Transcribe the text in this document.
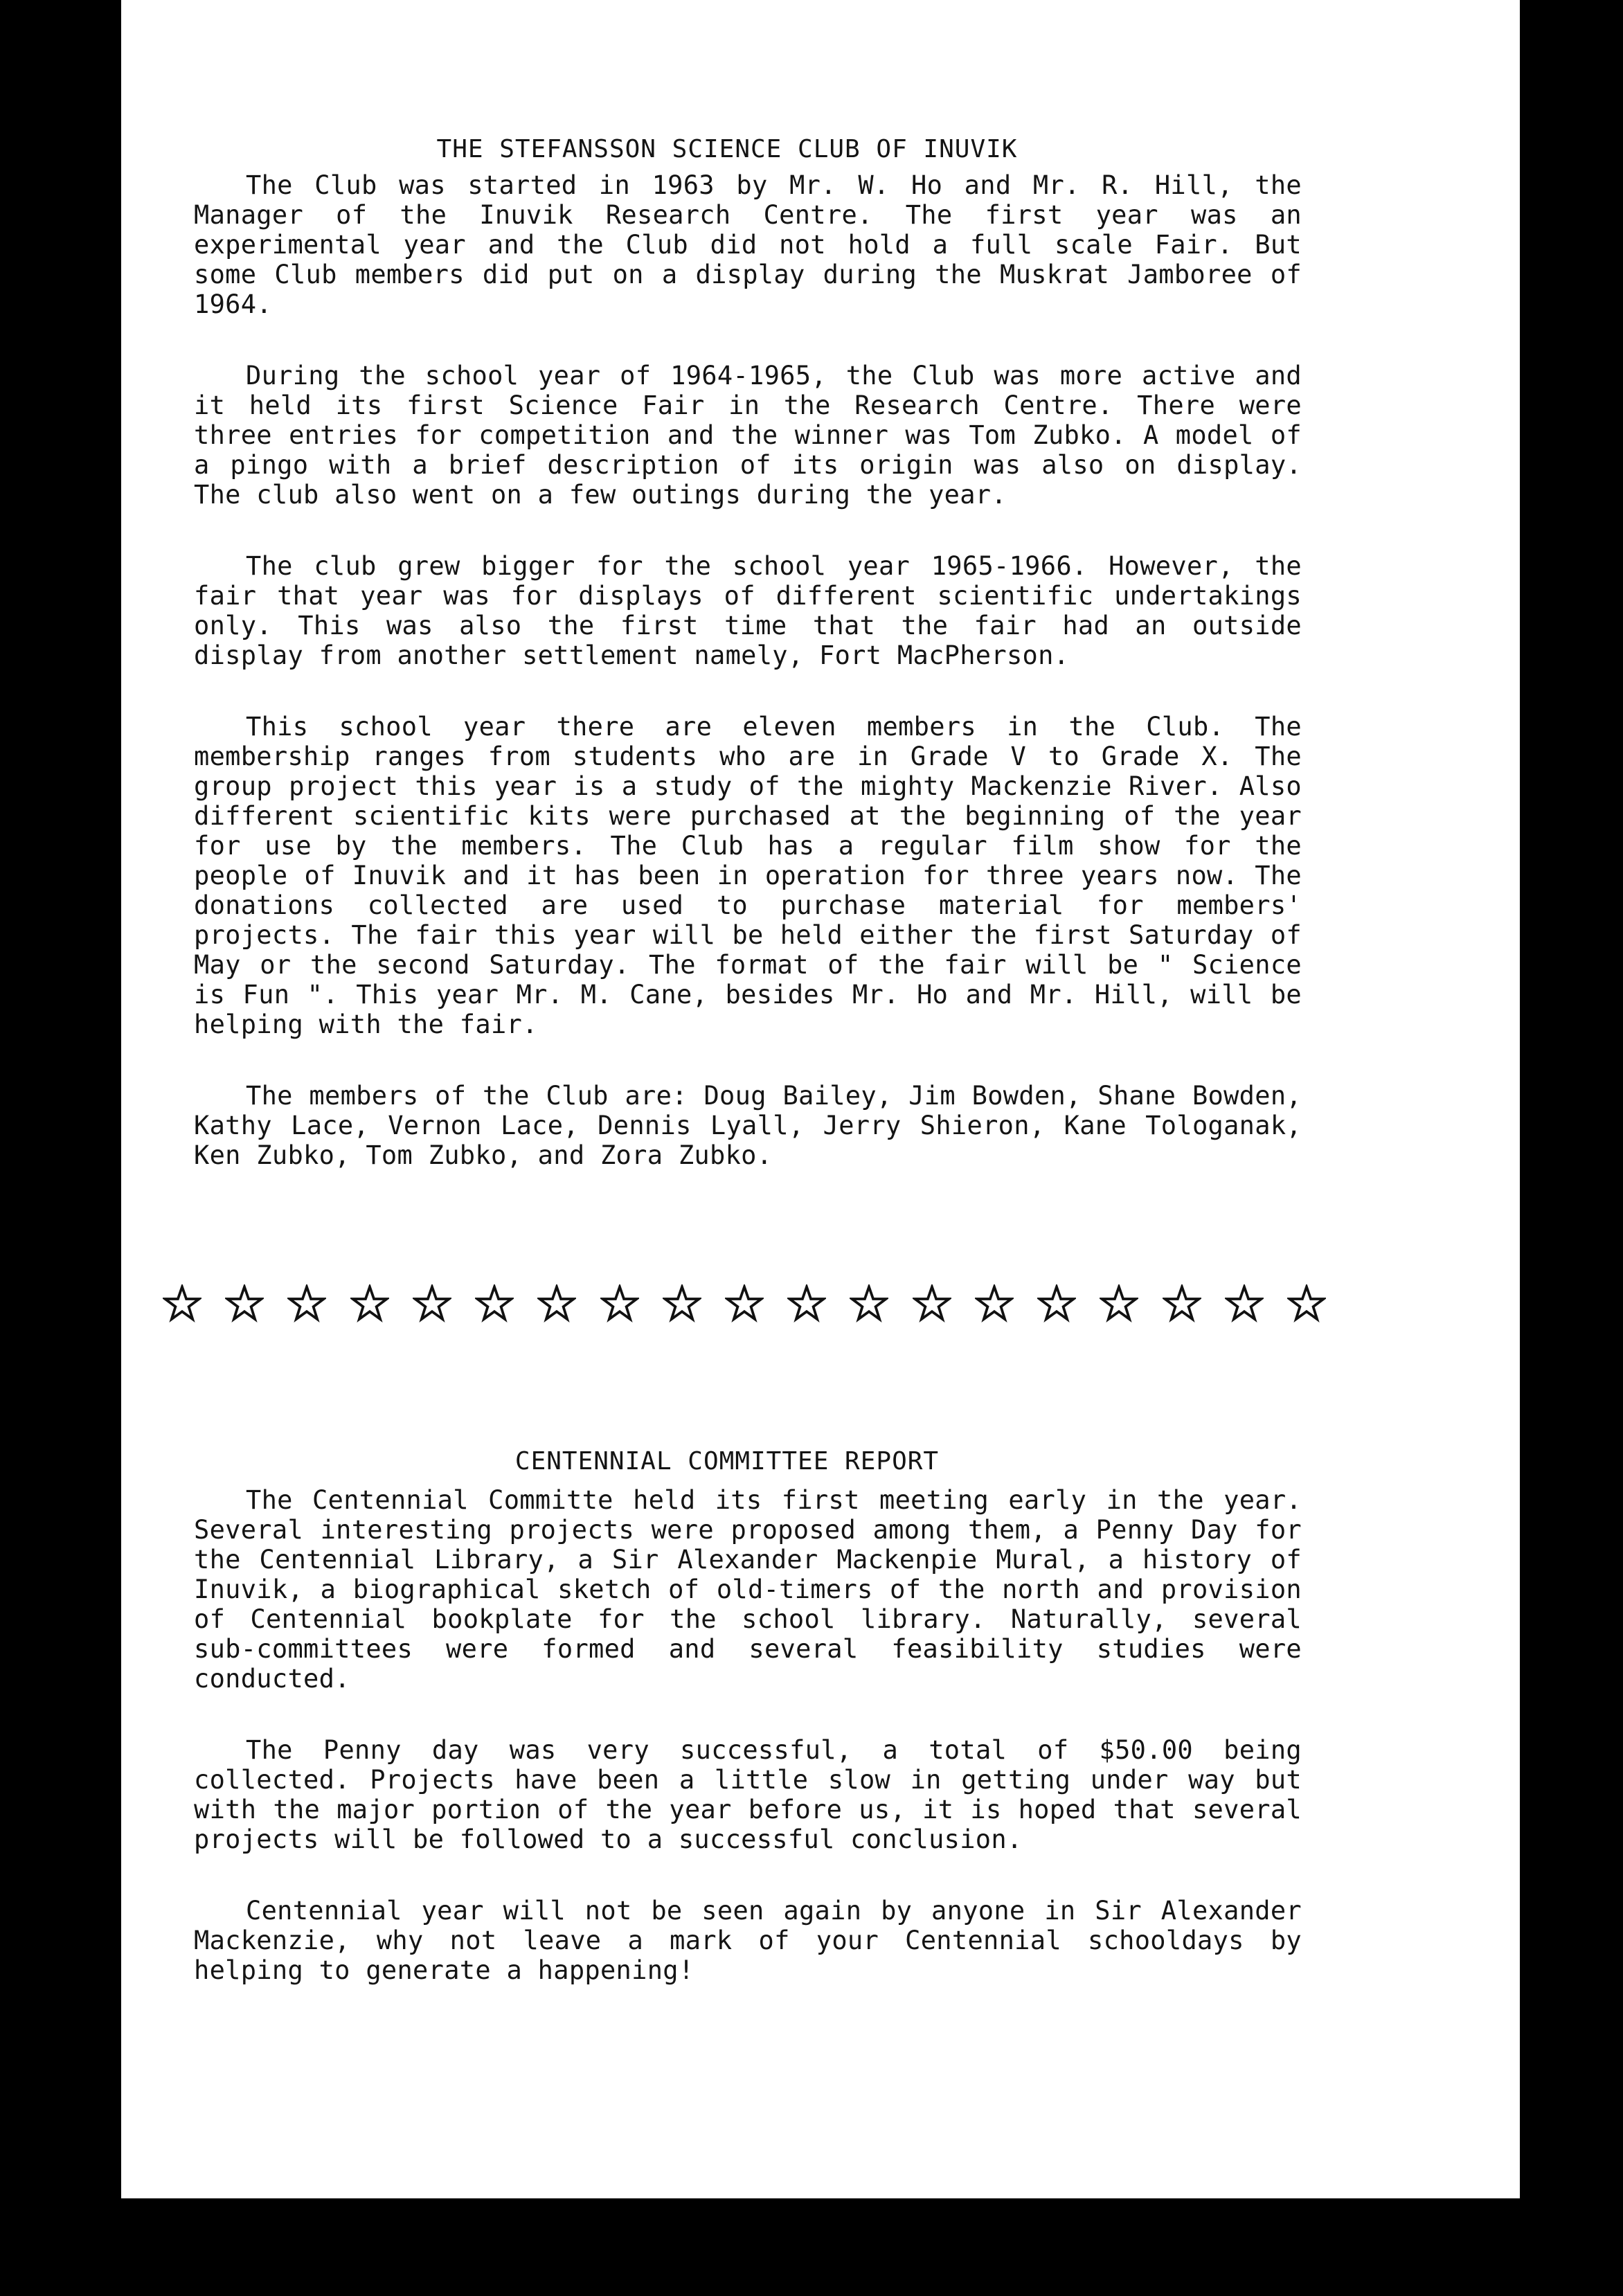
THE STEFANSSON SCIENCE CLUB OF INUVIK

The Club was started in 1963 by Mr. W. Ho and Mr. R. Hill, the Manager of the Inuvik Research Centre. The first year was an experimental year and the Club did not hold a full scale Fair. But some Club members did put on a display during the Muskrat Jamboree of 1964.

During the school year of 1964-1965, the Club was more active and it held its first Science Fair in the Research Centre. There were three entries for competition and the winner was Tom Zubko. A model of a pingo with a brief description of its origin was also on display. The club also went on a few outings during the year.

The club grew bigger for the school year 1965-1966. However, the fair that year was for displays of different scientific undertakings only. This was also the first time that the fair had an outside display from another settlement namely, Fort MacPherson.

This school year there are eleven members in the Club. The membership ranges from students who are in Grade V to Grade X. The group project this year is a study of the mighty Mackenzie River. Also different scientific kits were purchased at the beginning of the year for use by the members. The Club has a regular film show for the people of Inuvik and it has been in operation for three years now. The donations collected are used to purchase material for members' projects. The fair this year will be held either the first Saturday of May or the second Saturday. The format of the fair will be " Science is Fun ". This year Mr. M. Cane, besides Mr. Ho and Mr. Hill, will be helping with the fair.

The members of the Club are: Doug Bailey, Jim Bowden, Shane Bowden, Kathy Lace, Vernon Lace, Dennis Lyall, Jerry Shieron, Kane Tologanak, Ken Zubko, Tom Zubko, and Zora Zubko.

CENTENNIAL COMMITTEE REPORT

The Centennial Committe held its first meeting early in the year. Several interesting projects were proposed among them, a Penny Day for the Centennial Library, a Sir Alexander Mackenpie Mural, a history of Inuvik, a biographical sketch of old-timers of the north and provision of Centennial bookplate for the school library. Naturally, several sub-committees were formed and several feasibility studies were conducted.

The Penny day was very successful, a total of $50.00 being collected. Projects have been a little slow in getting under way but with the major portion of the year before us, it is hoped that several projects will be followed to a successful conclusion.

Centennial year will not be seen again by anyone in Sir Alexander Mackenzie, why not leave a mark of your Centennial schooldays by helping to generate a happening!
